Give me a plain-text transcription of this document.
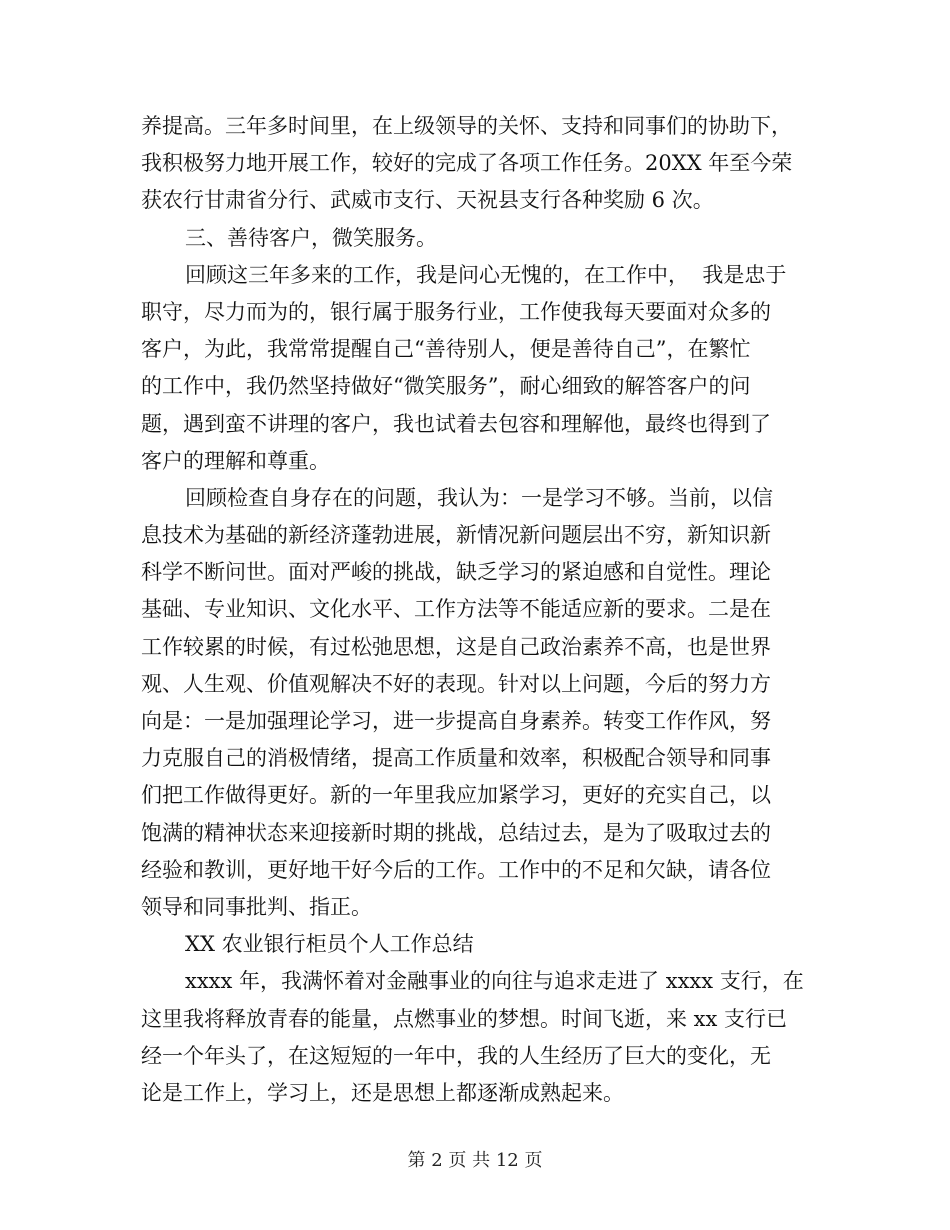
养提高。三年多时间里，在上级领导的关怀、支持和同事们的协助下，
我积极努力地开展工作，较好的完成了各项工作任务。20XX 年至今荣
获农行甘肃省分行、武威市支行、天祝县支行各种奖励 6 次。
三、善待客户，微笑服务。
回顾这三年多来的工作，我是问心无愧的，在工作中，  我是忠于
职守，尽力而为的，银行属于服务行业，工作使我每天要面对众多的
客户，为此，我常常提醒自己“善待别人，便是善待自己”，在繁忙
的工作中，我仍然坚持做好“微笑服务”，耐心细致的解答客户的问
题，遇到蛮不讲理的客户，我也试着去包容和理解他，最终也得到了
客户的理解和尊重。
回顾检查自身存在的问题，我认为：一是学习不够。当前，以信
息技术为基础的新经济蓬勃进展，新情况新问题层出不穷，新知识新
科学不断问世。面对严峻的挑战，缺乏学习的紧迫感和自觉性。理论
基础、专业知识、文化水平、工作方法等不能适应新的要求。二是在
工作较累的时候，有过松弛思想，这是自己政治素养不高，也是世界
观、人生观、价值观解决不好的表现。针对以上问题，今后的努力方
向是：一是加强理论学习，进一步提高自身素养。转变工作作风，努
力克服自己的消极情绪，提高工作质量和效率，积极配合领导和同事
们把工作做得更好。新的一年里我应加紧学习，更好的充实自己，以
饱满的精神状态来迎接新时期的挑战，总结过去，是为了吸取过去的
经验和教训，更好地干好今后的工作。工作中的不足和欠缺，请各位
领导和同事批判、指正。
XX 农业银行柜员个人工作总结
xxxx 年，我满怀着对金融事业的向往与追求走进了 xxxx 支行，在
这里我将释放青春的能量，点燃事业的梦想。时间飞逝，来 xx 支行已
经一个年头了，在这短短的一年中，我的人生经历了巨大的变化，无
论是工作上，学习上，还是思想上都逐渐成熟起来。
第 2 页 共 12 页
